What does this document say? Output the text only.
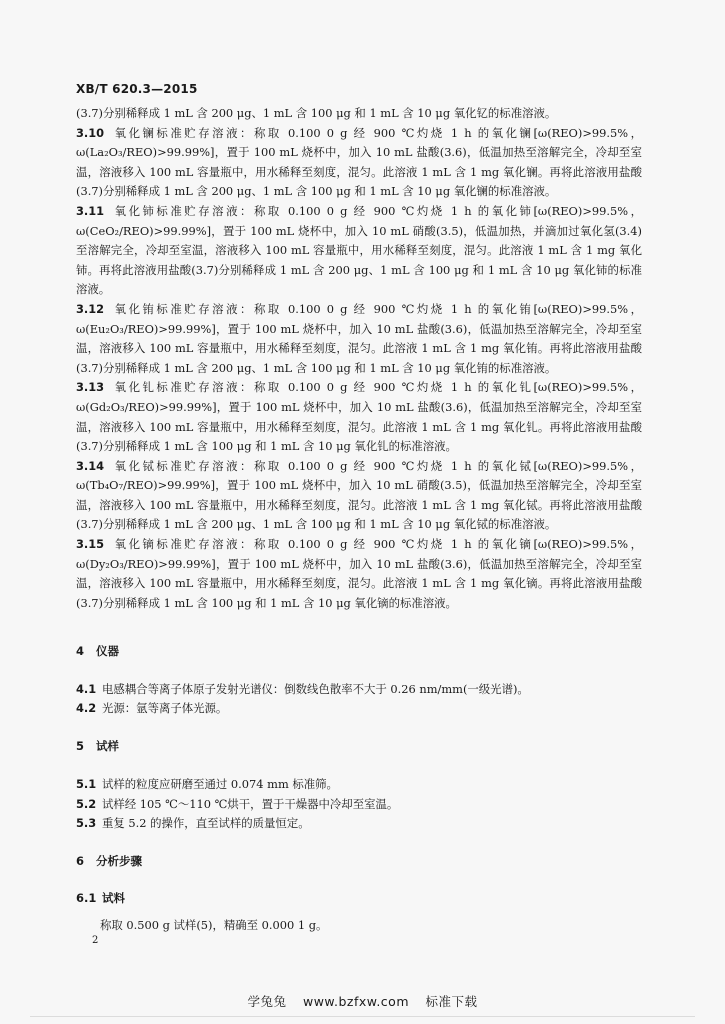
XB/T 620.3—2015

(3.7)分别稀释成 1 mL 含 200 μg、1 mL 含 100 μg 和 1 mL 含 10 μg 氧化钇的标准溶液。

3.10 氧化镧标准贮存溶液：称取 0.100 0 g 经 900 ℃灼烧 1 h 的氧化镧[ω(REO)>99.5%，ω(La₂O₃/REO)>99.99%]，置于 100 mL 烧杯中，加入 10 mL 盐酸(3.6)，低温加热至溶解完全，冷却至室温，溶液移入 100 mL 容量瓶中，用水稀释至刻度，混匀。此溶液 1 mL 含 1 mg 氧化镧。再将此溶液用盐酸(3.7)分别稀释成 1 mL 含 200 μg、1 mL 含 100 μg 和 1 mL 含 10 μg 氧化镧的标准溶液。

3.11 氧化铈标准贮存溶液：称取 0.100 0 g 经 900 ℃灼烧 1 h 的氧化铈[ω(REO)>99.5%，ω(CeO₂/REO)>99.99%]，置于 100 mL 烧杯中，加入 10 mL 硝酸(3.5)，低温加热，并滴加过氧化氢(3.4)至溶解完全，冷却至室温，溶液移入 100 mL 容量瓶中，用水稀释至刻度，混匀。此溶液 1 mL 含 1 mg 氧化铈。再将此溶液用盐酸(3.7)分别稀释成 1 mL 含 200 μg、1 mL 含 100 μg 和 1 mL 含 10 μg 氧化铈的标准溶液。

3.12 氧化铕标准贮存溶液：称取 0.100 0 g 经 900 ℃灼烧 1 h 的氧化铕[ω(REO)>99.5%，ω(Eu₂O₃/REO)>99.99%]，置于 100 mL 烧杯中，加入 10 mL 盐酸(3.6)，低温加热至溶解完全，冷却至室温，溶液移入 100 mL 容量瓶中，用水稀释至刻度，混匀。此溶液 1 mL 含 1 mg 氧化铕。再将此溶液用盐酸(3.7)分别稀释成 1 mL 含 200 μg、1 mL 含 100 μg 和 1 mL 含 10 μg 氧化铕的标准溶液。

3.13 氧化钆标准贮存溶液：称取 0.100 0 g 经 900 ℃灼烧 1 h 的氧化钆[ω(REO)>99.5%，ω(Gd₂O₃/REO)>99.99%]，置于 100 mL 烧杯中，加入 10 mL 盐酸(3.6)，低温加热至溶解完全，冷却至室温，溶液移入 100 mL 容量瓶中，用水稀释至刻度，混匀。此溶液 1 mL 含 1 mg 氧化钆。再将此溶液用盐酸(3.7)分别稀释成 1 mL 含 100 μg 和 1 mL 含 10 μg 氧化钆的标准溶液。

3.14 氧化铽标准贮存溶液：称取 0.100 0 g 经 900 ℃灼烧 1 h 的氧化铽[ω(REO)>99.5%，ω(Tb₄O₇/REO)>99.99%]，置于 100 mL 烧杯中，加入 10 mL 硝酸(3.5)，低温加热至溶解完全，冷却至室温，溶液移入 100 mL 容量瓶中，用水稀释至刻度，混匀。此溶液 1 mL 含 1 mg 氧化铽。再将此溶液用盐酸(3.7)分别稀释成 1 mL 含 200 μg、1 mL 含 100 μg 和 1 mL 含 10 μg 氧化铽的标准溶液。

3.15 氧化镝标准贮存溶液：称取 0.100 0 g 经 900 ℃灼烧 1 h 的氧化镝[ω(REO)>99.5%，ω(Dy₂O₃/REO)>99.99%]，置于 100 mL 烧杯中，加入 10 mL 盐酸(3.6)，低温加热至溶解完全，冷却至室温，溶液移入 100 mL 容量瓶中，用水稀释至刻度，混匀。此溶液 1 mL 含 1 mg 氧化镝。再将此溶液用盐酸(3.7)分别稀释成 1 mL 含 100 μg 和 1 mL 含 10 μg 氧化镝的标准溶液。

4 仪器
4.1 电感耦合等离子体原子发射光谱仪：倒数线色散率不大于 0.26 nm/mm(一级光谱)。
4.2 光源：氩等离子体光源。
5 试样
5.1 试样的粒度应研磨至通过 0.074 mm 标准筛。
5.2 试样经 105 ℃～110 ℃烘干，置于干燥器中冷却至室温。
5.3 重复 5.2 的操作，直至试样的质量恒定。
6 分析步骤
6.1 试料
称取 0.500 g 试样(5)，精确至 0.000 1 g。
2
学兔兔 www.bzfxw.com 标准下载
